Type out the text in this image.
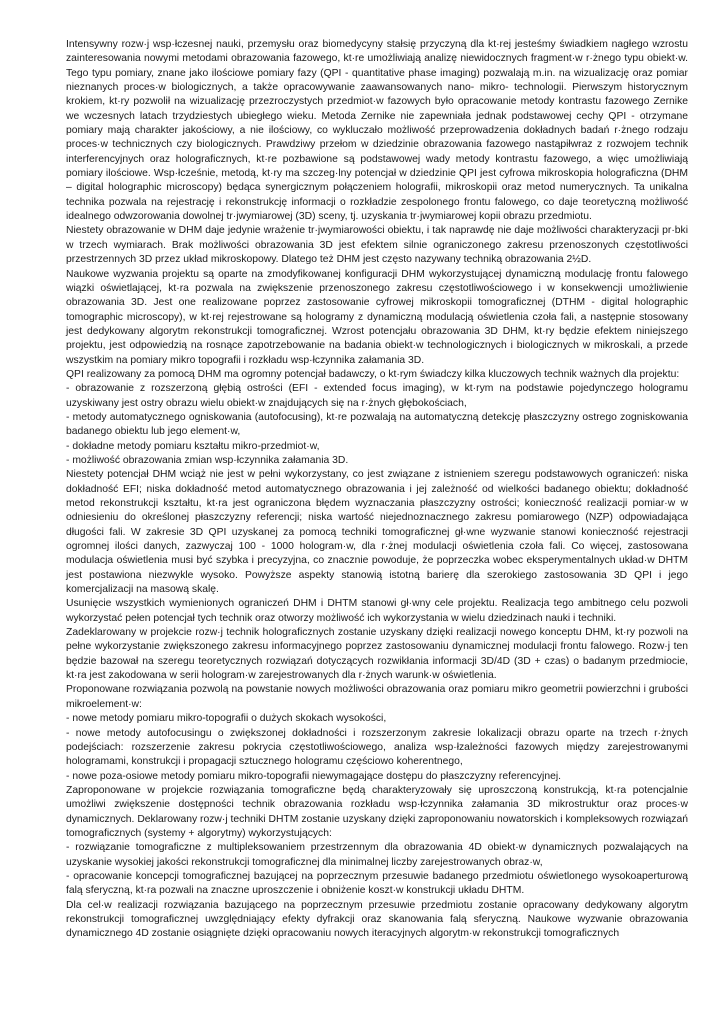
Intensywny rozw·j wsp·łczesnej nauki, przemysłu oraz biomedycyny stałsię przyczyną dla kt·rej jesteśmy świadkiem nagłego wzrostu zainteresowania nowymi metodami obrazowania fazowego, kt·re umożliwiają analizę niewidocznych fragment·w r·żnego typu obiekt·w. Tego typu pomiary, znane jako ilościowe pomiary fazy (QPI - quantitative phase imaging) pozwalają m.in. na wizualizację oraz pomiar nieznanych proces·w biologicznych, a także opracowywanie zaawansowanych nano- mikro- technologii. Pierwszym historycznym krokiem, kt·ry pozwolił na wizualizację przezroczystych przedmiot·w fazowych było opracowanie metody kontrastu fazowego Zernike we wczesnych latach trzydziestych ubiegłego wieku. Metoda Zernike nie zapewniała jednak podstawowej cechy QPI - otrzymane pomiary mają charakter jakościowy, a nie ilościowy, co wykluczało możliwość przeprowadzenia dokładnych badań r·żnego rodzaju proces·w technicznych czy biologicznych. Prawdziwy przełom w dziedzinie obrazowania fazowego nastąpiłwraz z rozwojem technik interferencyjnych oraz holograficznych, kt·re pozbawione są podstawowej wady metody kontrastu fazowego, a więc umożliwiają pomiary ilościowe. Wsp·łcześnie, metodą, kt·ry ma szczeg·lny potencjał w dziedzinie QPI jest cyfrowa mikroskopia holograficzna (DHM ‒ digital holographic microscopy) będąca synergicznym połączeniem holografii, mikroskopii oraz metod numerycznych. Ta unikalna technika pozwala na rejestrację i rekonstrukcję informacji o rozkładzie zespolonego frontu falowego, co daje teoretyczną możliwość idealnego odwzorowania dowolnej tr·jwymiarowej (3D) sceny, tj. uzyskania tr·jwymiarowej kopii obrazu przedmiotu.

Niestety obrazowanie w DHM daje jedynie wrażenie tr·jwymiarowości obiektu, i tak naprawdę nie daje możliwości charakteryzacji pr·bki w trzech wymiarach. Brak możliwości obrazowania 3D jest efektem silnie ograniczonego zakresu przenoszonych częstotliwości przestrzennych 3D przez układ mikroskopowy. Dlatego też DHM jest często nazywany techniką obrazowania 2½D.

Naukowe wyzwania projektu są oparte na zmodyfikowanej konfiguracji DHM wykorzystującej dynamiczną modulację frontu falowego wiązki oświetlającej, kt·ra pozwala na zwiększenie przenoszonego zakresu częstotliwościowego i w konsekwencji umożliwienie obrazowania 3D. Jest one realizowane poprzez zastosowanie cyfrowej mikroskopii tomograficznej (DTHM - digital holographic tomographic microscopy), w kt·rej rejestrowane są hologramy z dynamiczną modulacją oświetlenia czoła fali, a następnie stosowany jest dedykowany algorytm rekonstrukcji tomograficznej. Wzrost potencjału obrazowania 3D DHM, kt·ry będzie efektem niniejszego projektu, jest odpowiedzią na rosnące zapotrzebowanie na badania obiekt·w technologicznych i biologicznych w mikroskali, a przede wszystkim na pomiary mikro topografii i rozkładu wsp·łczynnika załamania 3D.

QPI realizowany za pomocą DHM ma ogromny potencjał badawczy, o kt·rym świadczy kilka kluczowych technik ważnych dla projektu:

- obrazowanie z rozszerzoną głębią ostrości (EFI - extended focus imaging), w kt·rym na podstawie pojedynczego hologramu uzyskiwany jest ostry obrazu wielu obiekt·w znajdujących się na r·żnych głębokościach,

- metody automatycznego ogniskowania (autofocusing), kt·re pozwalają na automatyczną detekcję płaszczyzny ostrego zogniskowania badanego obiektu lub jego element·w,

- dokładne metody pomiaru kształtu mikro-przedmiot·w,

- możliwość obrazowania zmian wsp·łczynnika załamania 3D.

Niestety potencjał DHM wciąż nie jest w pełni wykorzystany, co jest związane z istnieniem szeregu podstawowych ograniczeń: niska dokładność EFI; niska dokładność metod automatycznego obrazowania i jej zależność od wielkości badanego obiektu; dokładność metod rekonstrukcji kształtu, kt·ra jest ograniczona błędem wyznaczania płaszczyzny ostrości; konieczność realizacji pomiar·w w odniesieniu do określonej płaszczyzny referencji; niska wartość niejednoznacznego zakresu pomiarowego (NZP) odpowiadająca długości fali. W zakresie 3D QPI uzyskanej za pomocą techniki tomograficznej gł·wne wyzwanie stanowi konieczność rejestracji ogromnej ilości danych, zazwyczaj 100 - 1000 hologram·w, dla r·żnej modulacji oświetlenia czoła fali. Co więcej, zastosowana modulacja oświetlenia musi być szybka i precyzyjna, co znacznie powoduje, że poprzeczka wobec eksperymentalnych układ·w DHTM jest postawiona niezwykle wysoko. Powyższe aspekty stanowią istotną barierę dla szerokiego zastosowania 3D QPI i jego komercjalizacji na masową skalę.

Usunięcie wszystkich wymienionych ograniczeń DHM i DHTM stanowi gł·wny cele projektu. Realizacja tego ambitnego celu pozwoli wykorzystać pełen potencjał tych technik oraz otworzy możliwość ich wykorzystania w wielu dziedzinach nauki i techniki.

Zadeklarowany w projekcie rozw·j technik holograficznych zostanie uzyskany dzięki realizacji nowego konceptu DHM, kt·ry pozwoli na pełne wykorzystanie zwiększonego zakresu informacyjnego poprzez zastosowaniu dynamicznej modulacji frontu falowego. Rozw·j ten będzie bazował na szeregu teoretycznych rozwiązań dotyczących rozwikłania informacji 3D/4D (3D + czas) o badanym przedmiocie, kt·ra jest zakodowana w serii hologram·w zarejestrowanych dla r·żnych warunk·w oświetlenia.

Proponowane rozwiązania pozwolą na powstanie nowych możliwości obrazowania oraz pomiaru mikro geometrii powierzchni i grubości mikroelement·w:

- nowe metody pomiaru mikro-topografii o dużych skokach wysokości,

- nowe metody autofocusingu o zwiększonej dokładności i rozszerzonym zakresie lokalizacji obrazu oparte na trzech r·żnych podejściach: rozszerzenie zakresu pokrycia częstotliwościowego, analiza wsp·łzależności fazowych między zarejestrowanymi hologramami, konstrukcji i propagacji sztucznego hologramu częściowo koherentnego,

- nowe poza-osiowe metody pomiaru mikro-topografii niewymagające dostępu do płaszczyzny referencyjnej.

Zaproponowane w projekcie rozwiązania tomograficzne będą charakteryzowały się uproszczoną konstrukcją, kt·ra potencjalnie umożliwi zwiększenie dostępności technik obrazowania rozkładu wsp·łczynnika załamania 3D mikrostruktur oraz proces·w dynamicznych. Deklarowany rozw·j techniki DHTM zostanie uzyskany dzięki zaproponowaniu nowatorskich i kompleksowych rozwiązań tomograficznych (systemy + algorytmy) wykorzystujących:

- rozwiązanie tomograficzne z multipleksowaniem przestrzennym dla obrazowania 4D obiekt·w dynamicznych pozwalających na uzyskanie wysokiej jakości rekonstrukcji tomograficznej dla minimalnej liczby zarejestrowanych obraz·w,

- opracowanie koncepcji tomograficznej bazującej na poprzecznym przesuwie badanego przedmiotu oświetlonego wysokoaperturową falą sferyczną, kt·ra pozwali na znaczne uproszczenie i obniżenie koszt·w konstrukcji układu DHTM.

Dla cel·w realizacji rozwiązania bazującego na poprzecznym przesuwie przedmiotu zostanie opracowany dedykowany algorytm rekonstrukcji tomograficznej uwzględniający efekty dyfrakcji oraz skanowania falą sferyczną. Naukowe wyzwanie obrazowania dynamicznego 4D zostanie osiągnięte dzięki opracowaniu nowych iteracyjnych algorytm·w rekonstrukcji tomograficznych
